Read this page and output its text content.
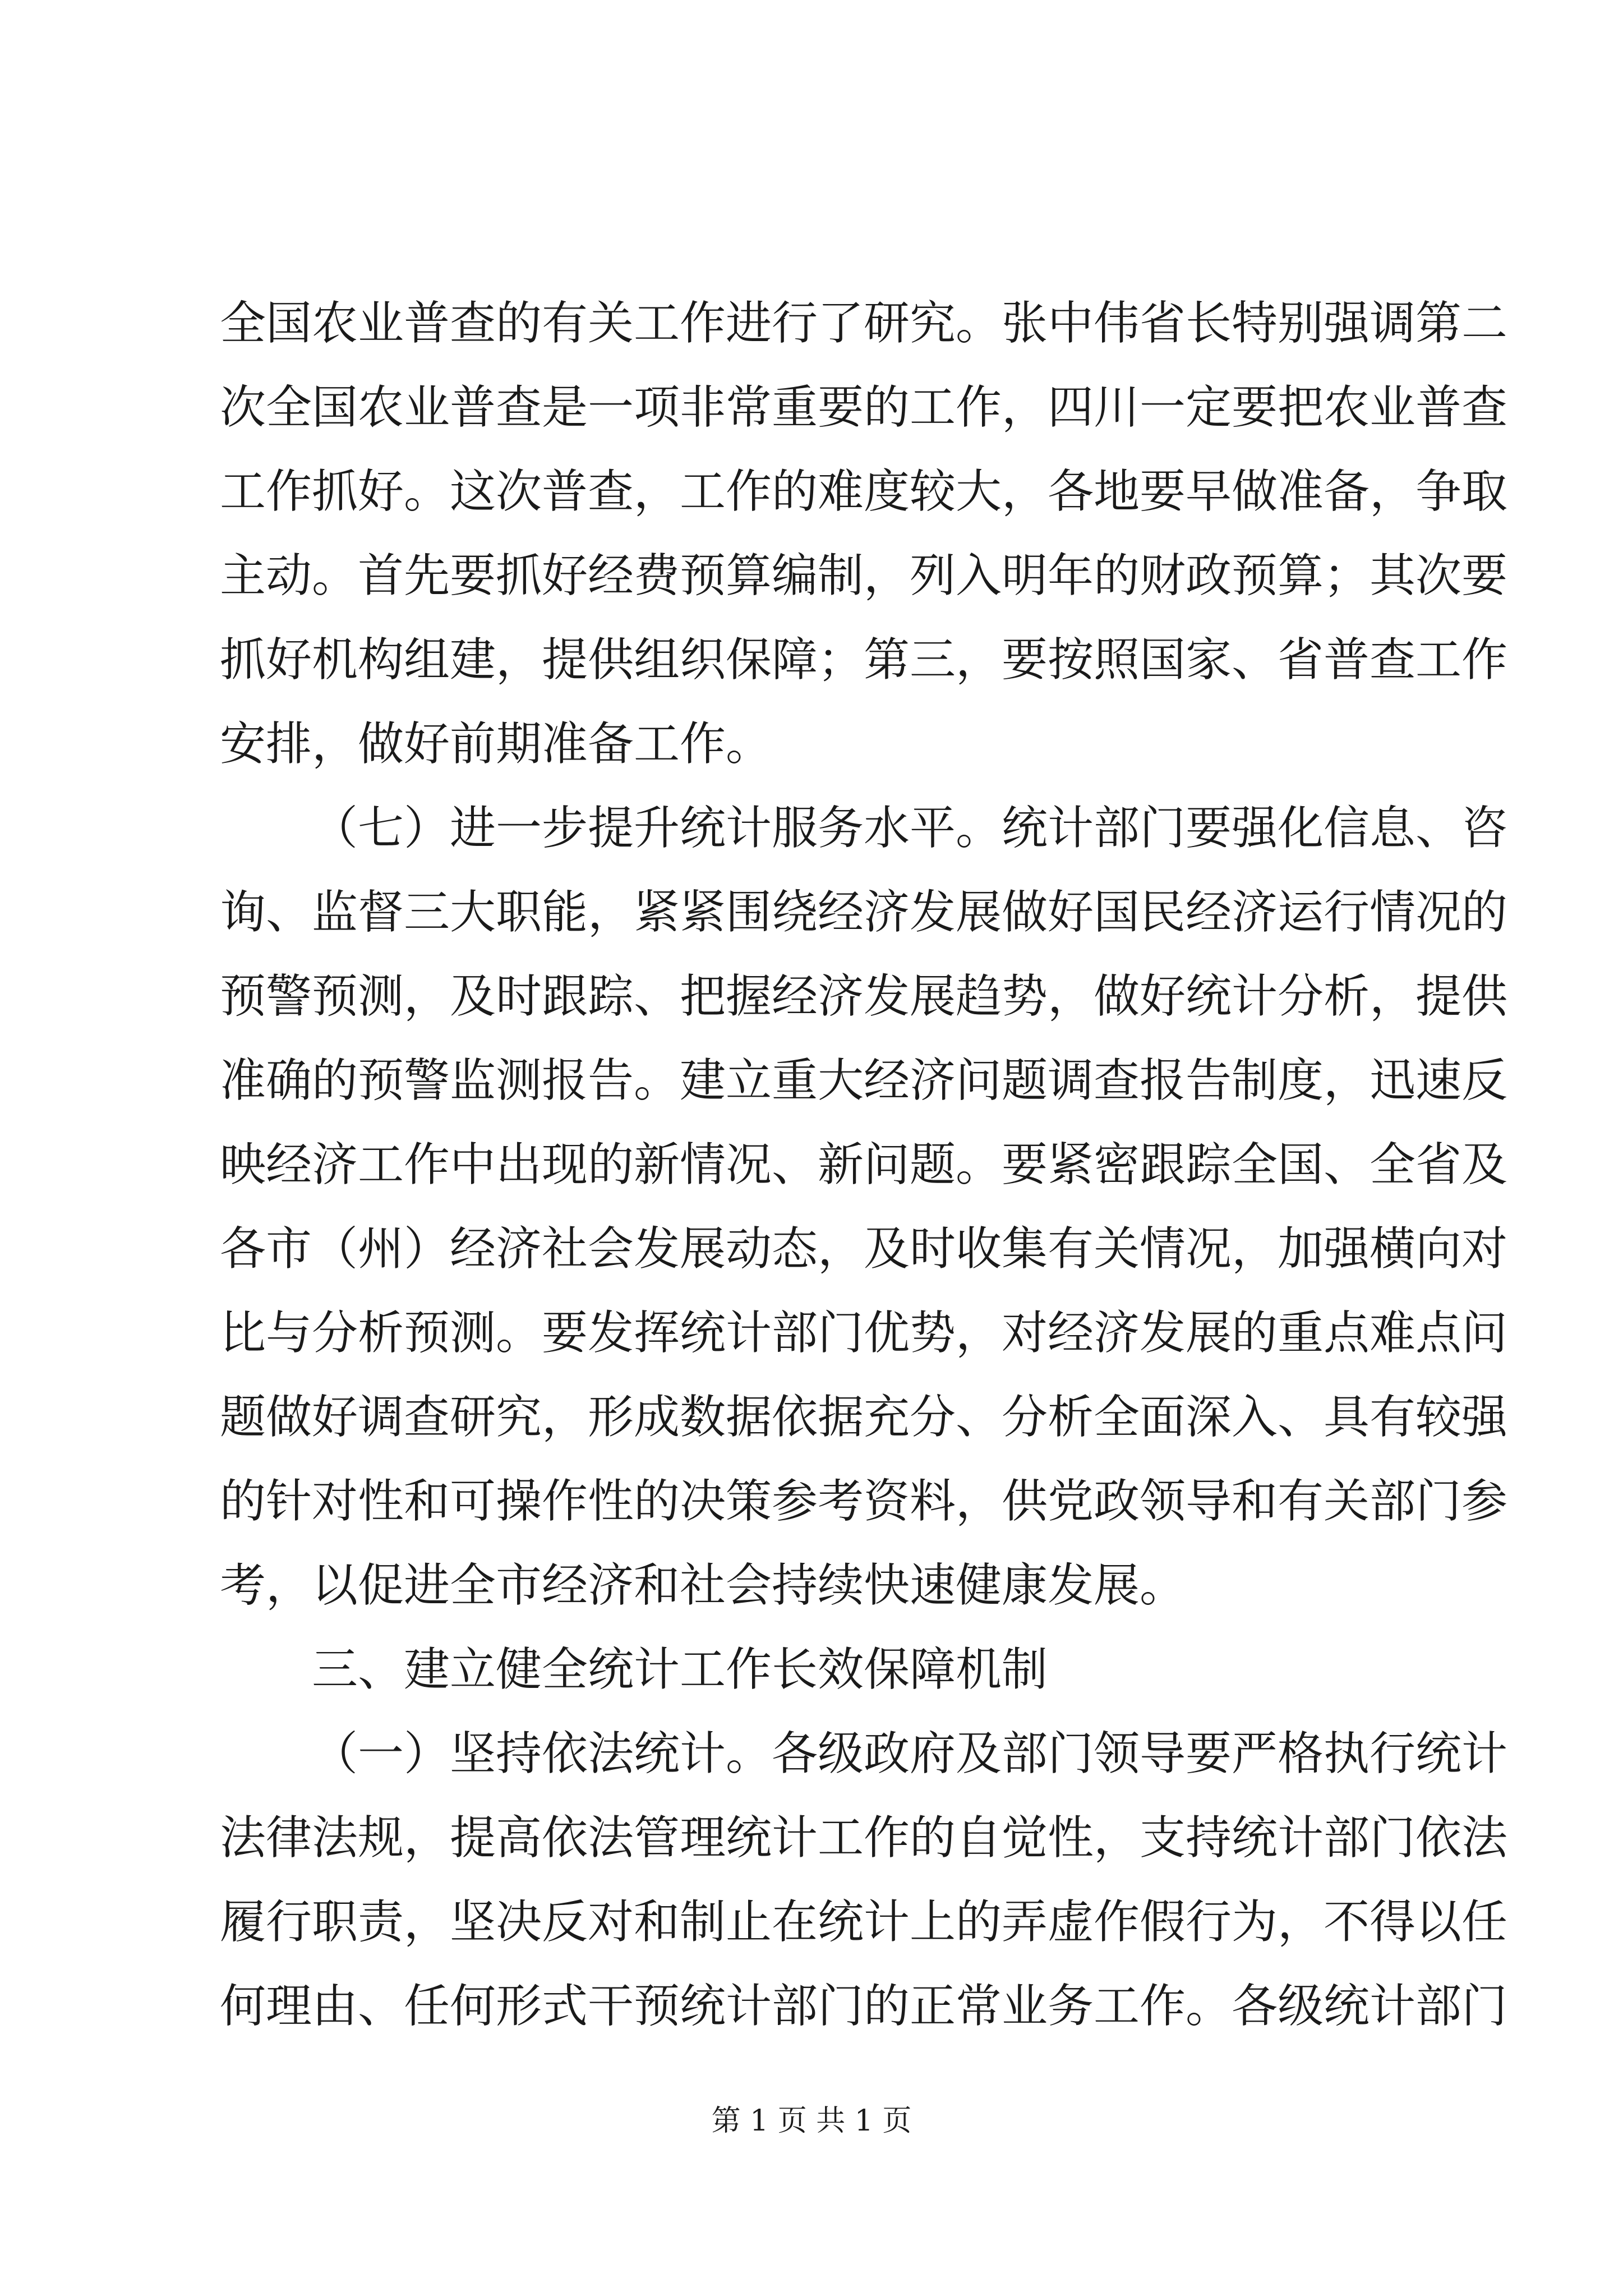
全国农业普查的有关工作进行了研究。张中伟省长特别强调第二
次全国农业普查是一项非常重要的工作，四川一定要把农业普查
工作抓好。这次普查，工作的难度较大，各地要早做准备，争取
主动。首先要抓好经费预算编制，列入明年的财政预算；其次要
抓好机构组建，提供组织保障；第三，要按照国家、省普查工作
安排，做好前期准备工作。
（七）进一步提升统计服务水平。统计部门要强化信息、咨
询、监督三大职能，紧紧围绕经济发展做好国民经济运行情况的
预警预测，及时跟踪、把握经济发展趋势，做好统计分析，提供
准确的预警监测报告。建立重大经济问题调查报告制度，迅速反
映经济工作中出现的新情况、新问题。要紧密跟踪全国、全省及
各市（州）经济社会发展动态，及时收集有关情况，加强横向对
比与分析预测。要发挥统计部门优势，对经济发展的重点难点问
题做好调查研究，形成数据依据充分、分析全面深入、具有较强
的针对性和可操作性的决策参考资料，供党政领导和有关部门参
考，以促进全市经济和社会持续快速健康发展。
三、建立健全统计工作长效保障机制
（一）坚持依法统计。各级政府及部门领导要严格执行统计
法律法规，提高依法管理统计工作的自觉性，支持统计部门依法
履行职责，坚决反对和制止在统计上的弄虚作假行为，不得以任
何理由、任何形式干预统计部门的正常业务工作。各级统计部门
第 1 页 共 1 页
